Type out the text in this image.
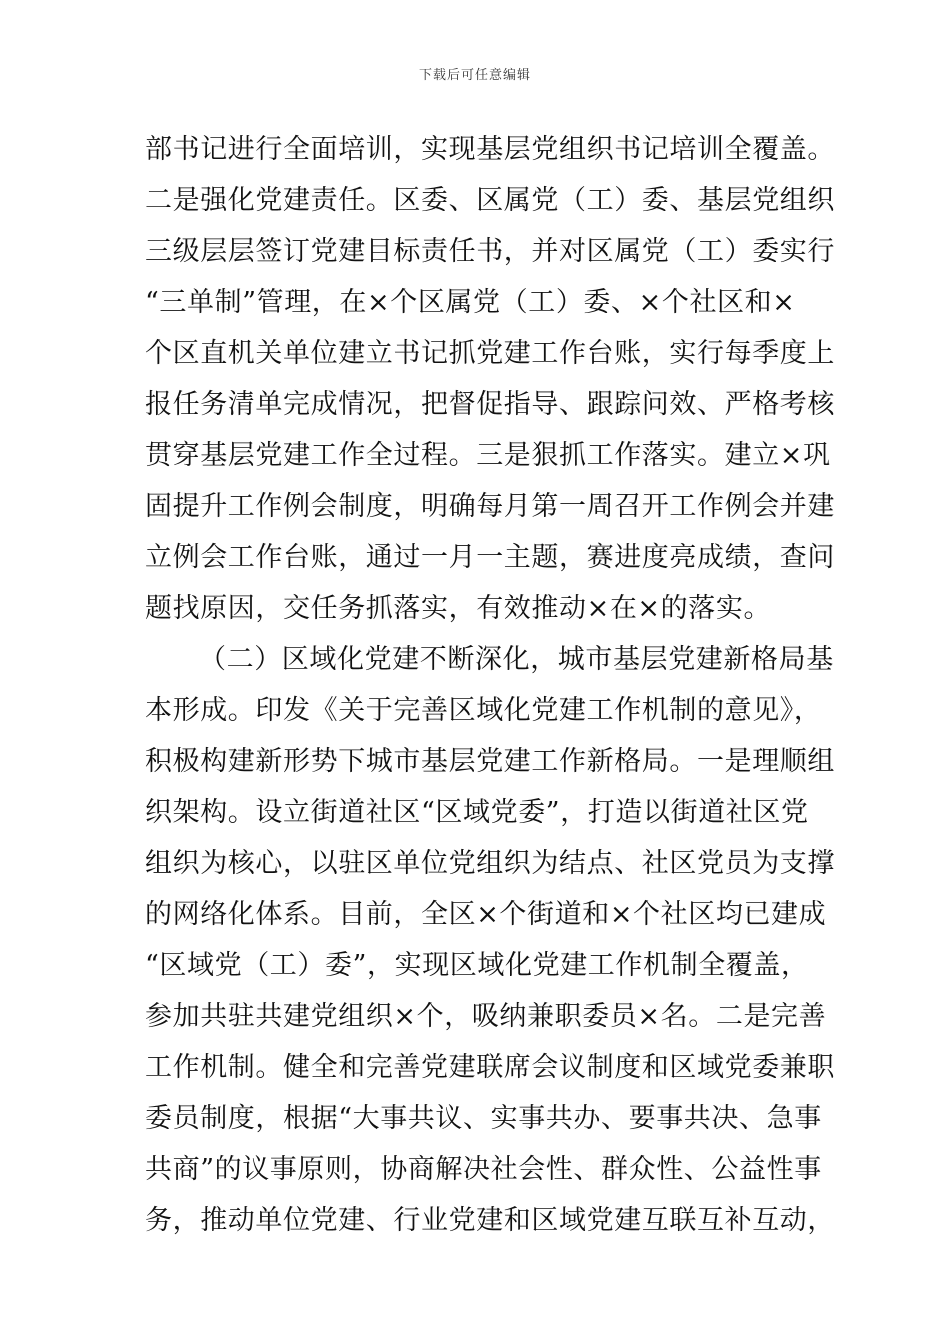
下载后可任意编辑
部书记进行全面培训，实现基层党组织书记培训全覆盖。
二是强化党建责任。区委、区属党（工）委、基层党组织
三级层层签订党建目标责任书，并对区属党（工）委实行
“三单制”管理，在×个区属党（工）委、×个社区和×
个区直机关单位建立书记抓党建工作台账，实行每季度上
报任务清单完成情况，把督促指导、跟踪问效、严格考核
贯穿基层党建工作全过程。三是狠抓工作落实。建立×巩
固提升工作例会制度，明确每月第一周召开工作例会并建
立例会工作台账，通过一月一主题，赛进度亮成绩，查问
题找原因，交任务抓落实，有效推动×在×的落实。
（二）区域化党建不断深化，城市基层党建新格局基
本形成。印发《关于完善区域化党建工作机制的意见》，
积极构建新形势下城市基层党建工作新格局。一是理顺组
织架构。设立街道社区“区域党委”，打造以街道社区党
组织为核心，以驻区单位党组织为结点、社区党员为支撑
的网络化体系。目前，全区×个街道和×个社区均已建成
“区域党（工）委”，实现区域化党建工作机制全覆盖，
参加共驻共建党组织×个，吸纳兼职委员×名。二是完善
工作机制。健全和完善党建联席会议制度和区域党委兼职
委员制度，根据“大事共议、实事共办、要事共决、急事
共商”的议事原则，协商解决社会性、群众性、公益性事
务，推动单位党建、行业党建和区域党建互联互补互动，
